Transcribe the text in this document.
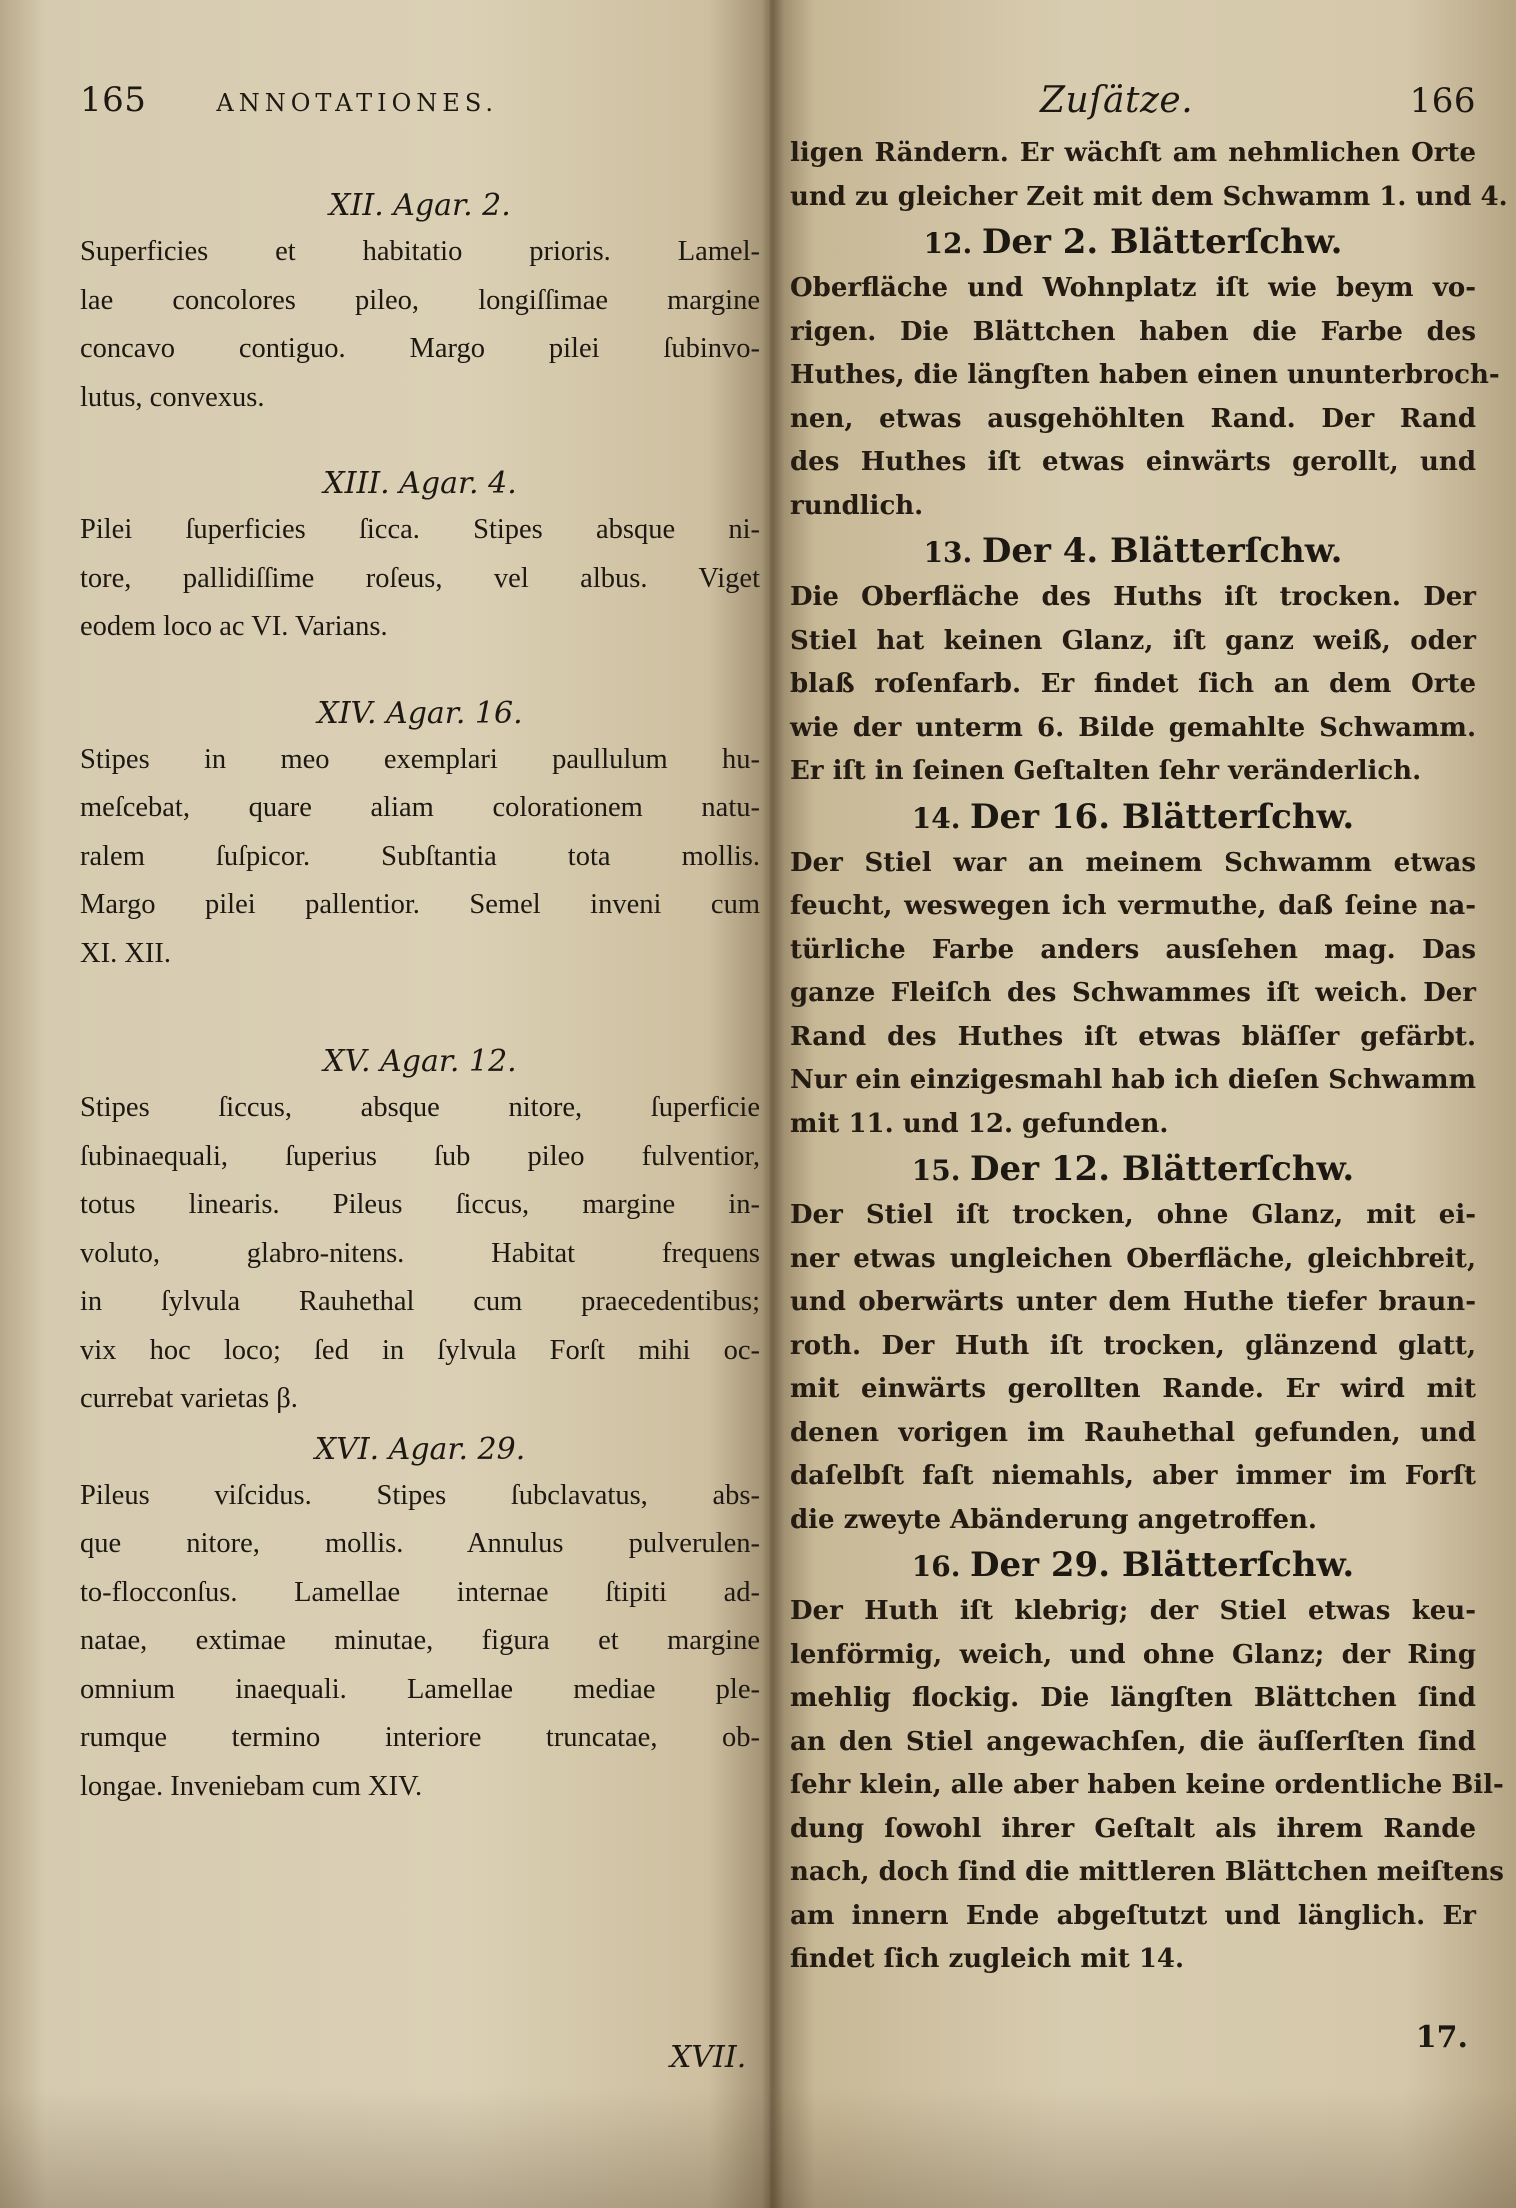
165	ANNOTATIONES.

XII. Agar. 2.

Superficies et habitatio prioris. Lamel-
lae concolores pileo, longiſſimae margine
concavo contiguo. Margo pilei ſubinvo-
lutus, convexus.

XIII. Agar. 4.

Pilei ſuperficies ſicca. Stipes absque ni-
tore, pallidiſſime roſeus, vel albus. Viget
eodem loco ac VI. Varians.

XIV. Agar. 16.

Stipes in meo exemplari paullulum hu-
meſcebat, quare aliam colorationem natu-
ralem ſuſpicor. Subſtantia tota mollis.
Margo pilei pallentior. Semel inveni cum
XI. XII.

XV. Agar. 12.

Stipes ſiccus, absque nitore, ſuperficie
ſubinaequali, ſuperius ſub pileo fulventior,
totus linearis. Pileus ſiccus, margine in-
voluto, glabro-nitens. Habitat frequens
in ſylvula Rauhethal cum praecedentibus;
vix hoc loco; ſed in ſylvula Forſt mihi oc-
currebat varietas β.

XVI. Agar. 29.

Pileus viſcidus. Stipes ſubclavatus, abs-
que nitore, mollis. Annulus pulverulen-
to-flocconſus. Lamellae internae ſtipiti ad-
natae, extimae minutae, figura et margine
omnium inaequali. Lamellae mediae ple-
rumque termino interiore truncatae, ob-
longae. Inveniebam cum XIV.

XVII.
Zuſätze.	166

ligen Rändern. Er wächſt am nehmlichen Orte
und zu gleicher Zeit mit dem Schwamm 1. und 4.

12. Der 2. Blätterſchw.

Oberfläche und Wohnplatz iſt wie beym vo-
rigen. Die Blättchen haben die Farbe des
Huthes, die längſten haben einen ununterbroch-
nen, etwas ausgehöhlten Rand. Der Rand
des Huthes iſt etwas einwärts gerollt, und
rundlich.

13. Der 4. Blätterſchw.

Die Oberfläche des Huths iſt trocken. Der
Stiel hat keinen Glanz, iſt ganz weiß, oder
blaß roſenfarb. Er findet ſich an dem Orte
wie der unterm 6. Bilde gemahlte Schwamm.
Er iſt in ſeinen Geſtalten ſehr veränderlich.

14. Der 16. Blätterſchw.

Der Stiel war an meinem Schwamm etwas
feucht, weswegen ich vermuthe, daß ſeine na-
türliche Farbe anders ausſehen mag. Das
ganze Fleiſch des Schwammes iſt weich. Der
Rand des Huthes iſt etwas bläſſer gefärbt.
Nur ein einzigesmahl hab ich dieſen Schwamm
mit 11. und 12. gefunden.

15. Der 12. Blätterſchw.

Der Stiel iſt trocken, ohne Glanz, mit ei-
ner etwas ungleichen Oberfläche, gleichbreit,
und oberwärts unter dem Huthe tiefer braun-
roth. Der Huth iſt trocken, glänzend glatt,
mit einwärts gerollten Rande. Er wird mit
denen vorigen im Rauhethal gefunden, und
daſelbſt faſt niemahls, aber immer im Forſt
die zweyte Abänderung angetroffen.

16. Der 29. Blätterſchw.

Der Huth iſt klebrig; der Stiel etwas keu-
lenförmig, weich, und ohne Glanz; der Ring
mehlig flockig. Die längſten Blättchen ſind
an den Stiel angewachſen, die äuſſerſten ſind
ſehr klein, alle aber haben keine ordentliche Bil-
dung ſowohl ihrer Geſtalt als ihrem Rande
nach, doch ſind die mittleren Blättchen meiſtens
am innern Ende abgeſtutzt und länglich. Er
findet ſich zugleich mit 14.

17.
